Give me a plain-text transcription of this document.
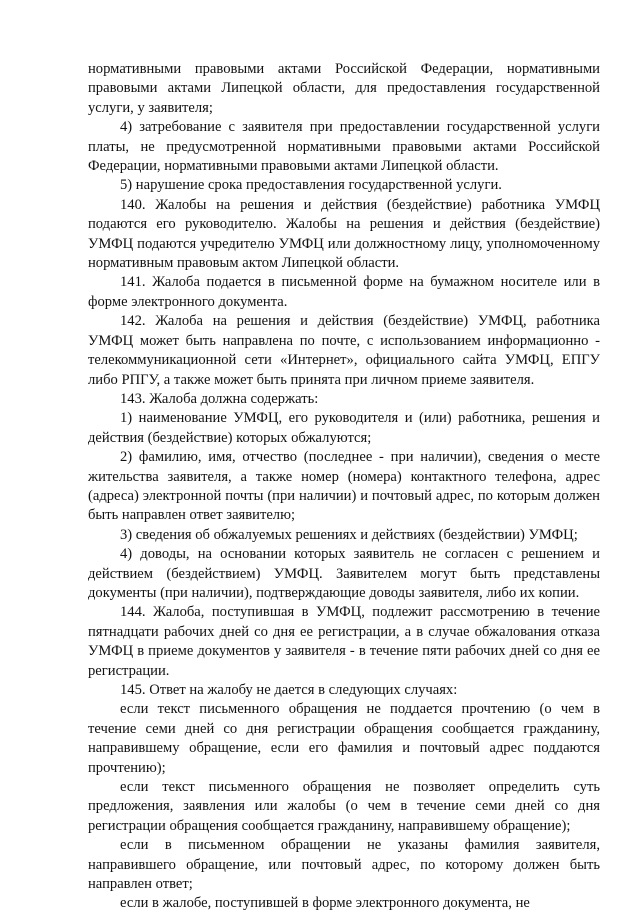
нормативными правовыми актами Российской Федерации, нормативными правовыми актами Липецкой области, для предоставления государственной услуги, у заявителя;

4) затребование с заявителя при предоставлении государственной услуги платы, не предусмотренной нормативными правовыми актами Российской Федерации, нормативными правовыми актами Липецкой области.

5) нарушение срока предоставления государственной услуги.

140. Жалобы на решения и действия (бездействие) работника УМФЦ подаются его руководителю. Жалобы на решения и действия (бездействие) УМФЦ подаются учредителю УМФЦ или должностному лицу, уполномоченному нормативным правовым актом Липецкой области.

141. Жалоба подается в письменной форме на бумажном носителе или в форме электронного документа.

142. Жалоба на решения и действия (бездействие) УМФЦ, работника УМФЦ может быть направлена по почте, с использованием информационно - телекоммуникационной сети «Интернет», официального сайта УМФЦ, ЕПГУ либо РПГУ, а также может быть принята при личном приеме заявителя.

143. Жалоба должна содержать:

1) наименование УМФЦ, его руководителя и (или) работника, решения и действия (бездействие) которых обжалуются;

2) фамилию, имя, отчество (последнее - при наличии), сведения о месте жительства заявителя, а также номер (номера) контактного телефона, адрес (адреса) электронной почты (при наличии) и почтовый адрес, по которым должен быть направлен ответ заявителю;

3) сведения об обжалуемых решениях и действиях (бездействии) УМФЦ;

4) доводы, на основании которых заявитель не согласен с решением и действием (бездействием) УМФЦ. Заявителем могут быть представлены документы (при наличии), подтверждающие доводы заявителя, либо их копии.

144. Жалоба, поступившая в УМФЦ, подлежит рассмотрению в течение пятнадцати рабочих дней со дня ее регистрации, а в случае обжалования отказа УМФЦ в приеме документов у заявителя - в течение пяти рабочих дней со дня ее регистрации.

145. Ответ на жалобу не дается в следующих случаях:

если текст письменного обращения не поддается прочтению (о чем в течение семи дней со дня регистрации обращения сообщается гражданину, направившему обращение, если его фамилия и почтовый адрес поддаются прочтению);

если текст письменного обращения не позволяет определить суть предложения, заявления или жалобы (о чем в течение семи дней со дня регистрации обращения сообщается гражданину, направившему обращение);

если в письменном обращении не указаны фамилия заявителя, направившего обращение, или почтовый адрес, по которому должен быть направлен ответ;

если в жалобе, поступившей в форме электронного документа, не
